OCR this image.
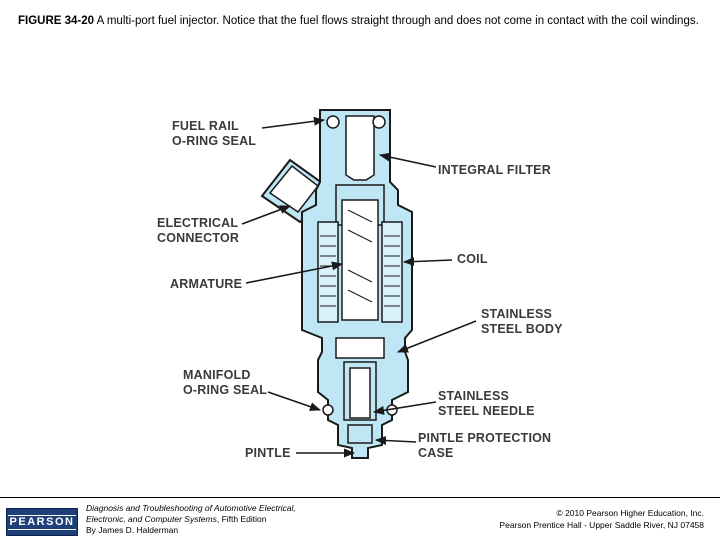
FIGURE 34-20 A multi-port fuel injector. Notice that the fuel flows straight through and does not come in contact with the coil windings.
FUEL RAIL
O-RING SEAL
INTEGRAL FILTER
ELECTRICAL
CONNECTOR
COIL
ARMATURE
STAINLESS
STEEL BODY
MANIFOLD
O-RING SEAL	STAINLESS
STEEL NEEDLE
PINTLE
PINTLE PROTECTION
CASE
PEARSON
Diagnosis and Troubleshooting of Automotive Electrical,
Electronic, and Computer Systems, Fifth Edition
By James D. Halderman
© 2010 Pearson Higher Education, Inc.
Pearson Prentice Hall - Upper Saddle River, NJ 07458
